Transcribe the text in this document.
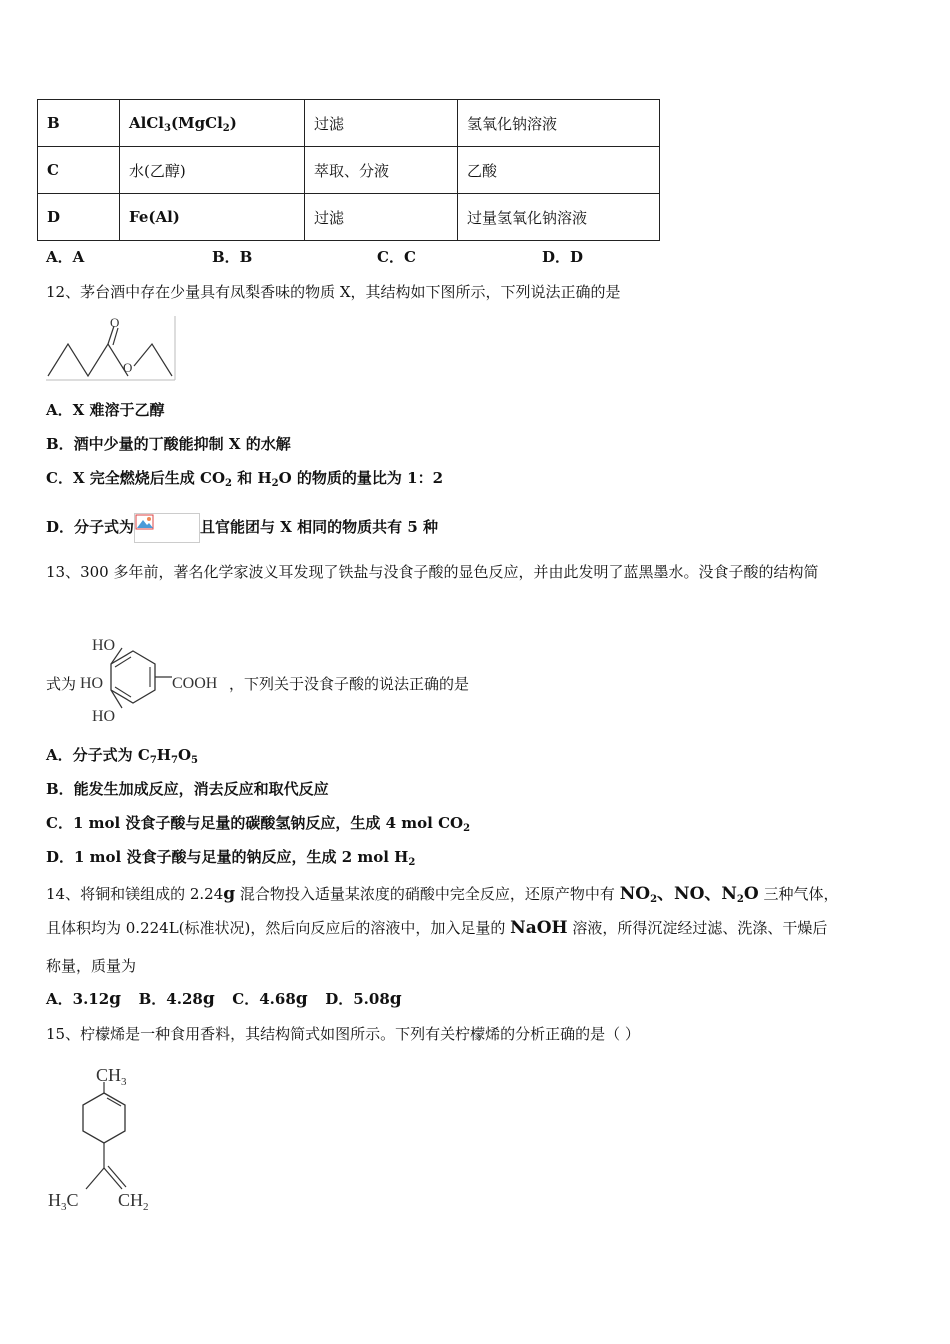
B	AlCl$_3$(MgCl$_2$)	过滤	氢氧化钠溶液
C	水(乙醇)	萃取、分液	乙酸
D	Fe(Al)	过滤	过量氢氧化钠溶液
A．A	B．B	C．C	D．D
12、茅台酒中存在少量具有凤梨香味的物质 X，其结构如下图所示，下列说法正确的是
O
O
A．X 难溶于乙醇
B．酒中少量的丁酸能抑制 X 的水解
C．X 完全燃烧后生成 $CO_2$ 和 $H_2O$ 的物质的量比为 1：2
D．分子式为	且官能团与 X 相同的物质共有 5 种
13、300 多年前，著名化学家波义耳发现了铁盐与没食子酸的显色反应，并由此发明了蓝黑墨水。没食子酸的结构简
HO
HO
HO
COOH
式为	，下列关于没食子酸的说法正确的是
A．分子式为 $C_7H_7O_5$
B．能发生加成反应，消去反应和取代反应
C．1 mol 没食子酸与足量的碳酸氢钠反应，生成 4 mol $CO_2$
D．1 mol 没食子酸与足量的钠反应，生成 2 mol $H_2$
14、将铜和镁组成的 2.24g 混合物投入适量某浓度的硝酸中完全反应，还原产物中有 $NO_2$、NO、$N_2O$ 三种气体，
且体积均为 0.224L(标准状况)，然后向反应后的溶液中，加入足量的 NaOH 溶液，所得沉淀经过滤、洗涤、干燥后
称量，质量为
A．3.12g B．4.28g C．4.68g D．5.08g
15、柠檬烯是一种食用香料，其结构简式如图所示。下列有关柠檬烯的分析正确的是（ ）
$CH_3$
$H_3C$ $CH_2$
